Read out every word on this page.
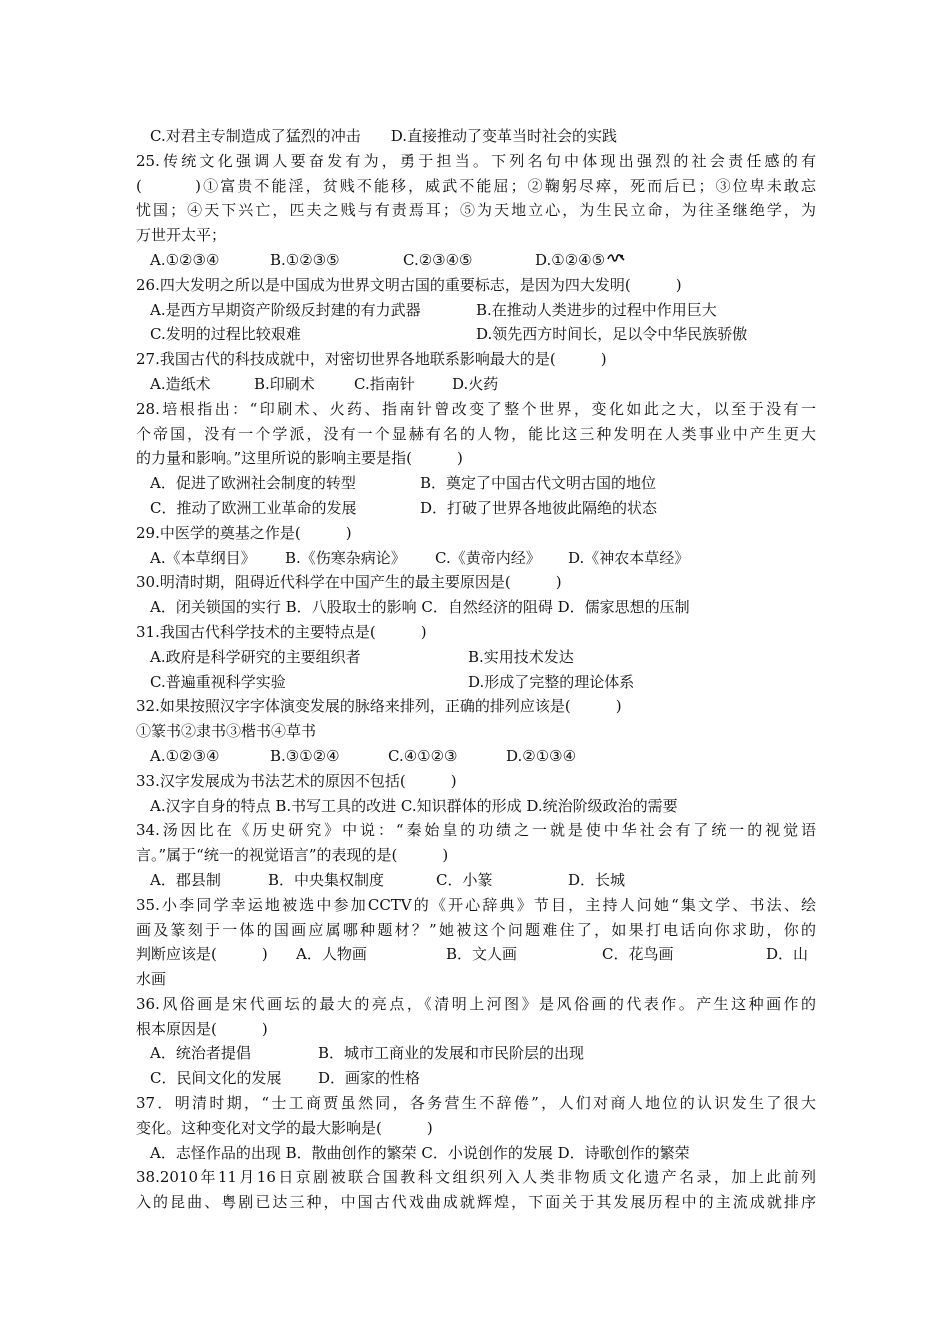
C.对君主专制造成了猛烈的冲击 D.直接推动了变革当时社会的实践
25.传统文化强调人要奋发有为，勇于担当。下列名句中体现出强烈的社会责任感的有
(　　　)①富贵不能淫，贫贱不能移，威武不能屈；②鞠躬尽瘁，死而后已；③位卑未敢忘
忧国；④天下兴亡，匹夫之贱与有责焉耳；⑤为天地立心，为生民立命，为往圣继绝学，为
万世开太平；
A.①②③④	B.①②③⑤	C.②③④⑤	D.①②④⑤
26.四大发明之所以是中国成为世界文明古国的重要标志，是因为四大发明(　　　)
A.是西方早期资产阶级反封建的有力武器	B.在推动人类进步的过程中作用巨大
C.发明的过程比较艰难	D.领先西方时间长，足以令中华民族骄傲
27.我国古代的科技成就中，对密切世界各地联系影响最大的是(　　　)
A.造纸术	B.印刷术	C.指南针	D.火药
28.培根指出：“印刷术、火药、指南针曾改变了整个世界，变化如此之大，以至于没有一
个帝国，没有一个学派，没有一个显赫有名的人物，能比这三种发明在人类事业中产生更大
的力量和影响。”这里所说的影响主要是指(　　　)
A．促进了欧洲社会制度的转型	B．奠定了中国古代文明古国的地位
C．推动了欧洲工业革命的发展	D．打破了世界各地彼此隔绝的状态
29.中医学的奠基之作是(　　　)
A.《本草纲目》	B.《伤寒杂病论》	C.《黄帝内经》	D.《神农本草经》
30.明清时期，阻碍近代科学在中国产生的最主要原因是(　　　)
A．闭关锁国的实行 B．八股取士的影响 C．自然经济的阻碍 D．儒家思想的压制
31.我国古代科学技术的主要特点是(　　　)
A.政府是科学研究的主要组织者	B.实用技术发达
C.普遍重视科学实验	D.形成了完整的理论体系
32.如果按照汉字字体演变发展的脉络来排列，正确的排列应该是(　　　)
①篆书②隶书③楷书④草书
A.①②③④	B.③①②④	C.④①②③	D.②①③④
33.汉字发展成为书法艺术的原因不包括(　　　)
A.汉字自身的特点 B.书写工具的改进 C.知识群体的形成 D.统治阶级政治的需要
34.汤因比在《历史研究》中说：“秦始皇的功绩之一就是使中华社会有了统一的视觉语
言。”属于“统一的视觉语言”的表现的是(　　　)
A．郡县制	B．中央集权制度	C．小篆	D．长城
35.小李同学幸运地被选中参加CCTV的《开心辞典》节目，主持人问她“集文学、书法、绘
画及篆刻于一体的国画应属哪种题材？”她被这个问题难住了，如果打电话向你求助，你的
判断应该是(　　　)	A．人物画	B．文人画	C．花鸟画	D．山
水画
36.风俗画是宋代画坛的最大的亮点，《清明上河图》是风俗画的代表作。产生这种画作的
根本原因是(　　　)
A．统治者提倡	B．城市工商业的发展和市民阶层的出现
C．民间文化的发展	D．画家的性格
37．明清时期，“士工商贾虽然同，各务营生不辞倦”，人们对商人地位的认识发生了很大
变化。这种变化对文学的最大影响是(　　　)
A．志怪作品的出现 B．散曲创作的繁荣 C．小说创作的发展 D．诗歌创作的繁荣
38.2010年11月16日京剧被联合国教科文组织列入人类非物质文化遗产名录，加上此前列
入的昆曲、粤剧已达三种，中国古代戏曲成就辉煌，下面关于其发展历程中的主流成就排序
